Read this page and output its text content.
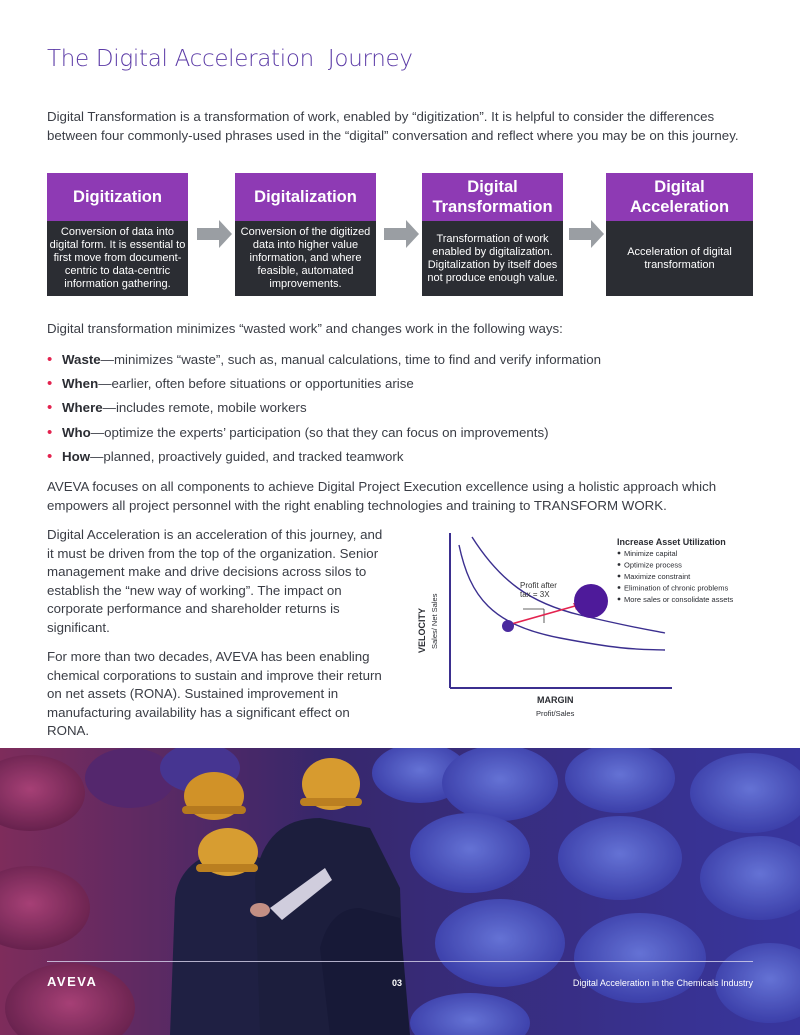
The Digital Acceleration  Journey

Digital Transformation is a transformation of work, enabled by “digitization”. It is helpful to consider the differences between four commonly-used phrases used in the “digital” conversation and reflect where you may be on this journey.

Digitization
Conversion of data into digital form. It is essential to first move from document-centric to data-centric information gathering.
Digitalization
Conversion of the digitized data into higher value information, and where feasible, automated improvements.
Digital Transformation
Transformation of work enabled by digitalization. Digitalization by itself does not produce enough value.
Digital Acceleration
Acceleration of digital transformation

Digital transformation minimizes “wasted work” and changes work in the following ways:

• Waste—minimizes “waste”, such as, manual calculations, time to find and verify information
• When—earlier, often before situations or opportunities arise
• Where—includes remote, mobile workers
• Who—optimize the experts’ participation (so that they can focus on improvements)
• How—planned, proactively guided, and tracked teamwork

AVEVA focuses on all components to achieve Digital Project Execution excellence using a holistic approach which empowers all project personnel with the right enabling technologies and training to TRANSFORM WORK.

Digital Acceleration is an acceleration of this journey, and it must be driven from the top of the organization. Senior management make and drive decisions across silos to establish the “new way of working”. The impact on corporate performance and shareholder returns is significant.

For more than two decades, AVEVA has been enabling chemical corporations to sustain and improve their return on net assets (RONA). Sustained improvement in manufacturing availability has a significant effect on RONA.

Profit after
tax = 3X
VELOCITY Sales/ Net Sales
MARGIN
Profit/Sales
Increase Asset Utilization
Minimize capital
Optimize process
Maximize constraint
Elimination of chronic problems
More sales or consolidate assets
AVEVA	03	Digital Acceleration in the Chemicals Industry
